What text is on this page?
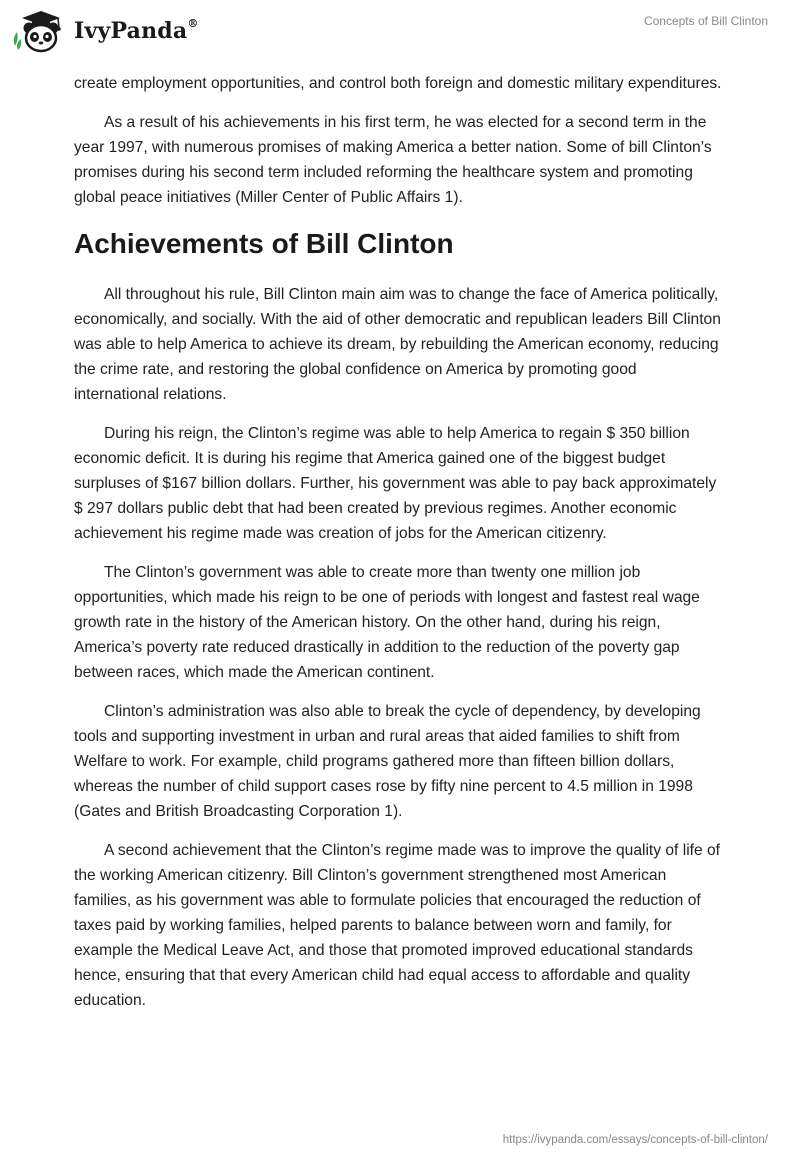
IvyPanda®	Concepts of Bill Clinton

create employment opportunities, and control both foreign and domestic military expenditures.

As a result of his achievements in his first term, he was elected for a second term in the year 1997, with numerous promises of making America a better nation. Some of bill Clinton’s promises during his second term included reforming the healthcare system and promoting global peace initiatives (Miller Center of Public Affairs 1).

Achievements of Bill Clinton

All throughout his rule, Bill Clinton main aim was to change the face of America politically, economically, and socially. With the aid of other democratic and republican leaders Bill Clinton was able to help America to achieve its dream, by rebuilding the American economy, reducing the crime rate, and restoring the global confidence on America by promoting good international relations.

During his reign, the Clinton’s regime was able to help America to regain $ 350 billion economic deficit. It is during his regime that America gained one of the biggest budget surpluses of $167 billion dollars. Further, his government was able to pay back approximately $ 297 dollars public debt that had been created by previous regimes. Another economic achievement his regime made was creation of jobs for the American citizenry.

The Clinton’s government was able to create more than twenty one million job opportunities, which made his reign to be one of periods with longest and fastest real wage growth rate in the history of the American history. On the other hand, during his reign, America’s poverty rate reduced drastically in addition to the reduction of the poverty gap between races, which made the American continent.

Clinton’s administration was also able to break the cycle of dependency, by developing tools and supporting investment in urban and rural areas that aided families to shift from Welfare to work. For example, child programs gathered more than fifteen billion dollars, whereas the number of child support cases rose by fifty nine percent to 4.5 million in 1998 (Gates and British Broadcasting Corporation 1).

A second achievement that the Clinton’s regime made was to improve the quality of life of the working American citizenry. Bill Clinton’s government strengthened most American families, as his government was able to formulate policies that encouraged the reduction of taxes paid by working families, helped parents to balance between worn and family, for example the Medical Leave Act, and those that promoted improved educational standards hence, ensuring that that every American child had equal access to affordable and quality education.

https://ivypanda.com/essays/concepts-of-bill-clinton/
